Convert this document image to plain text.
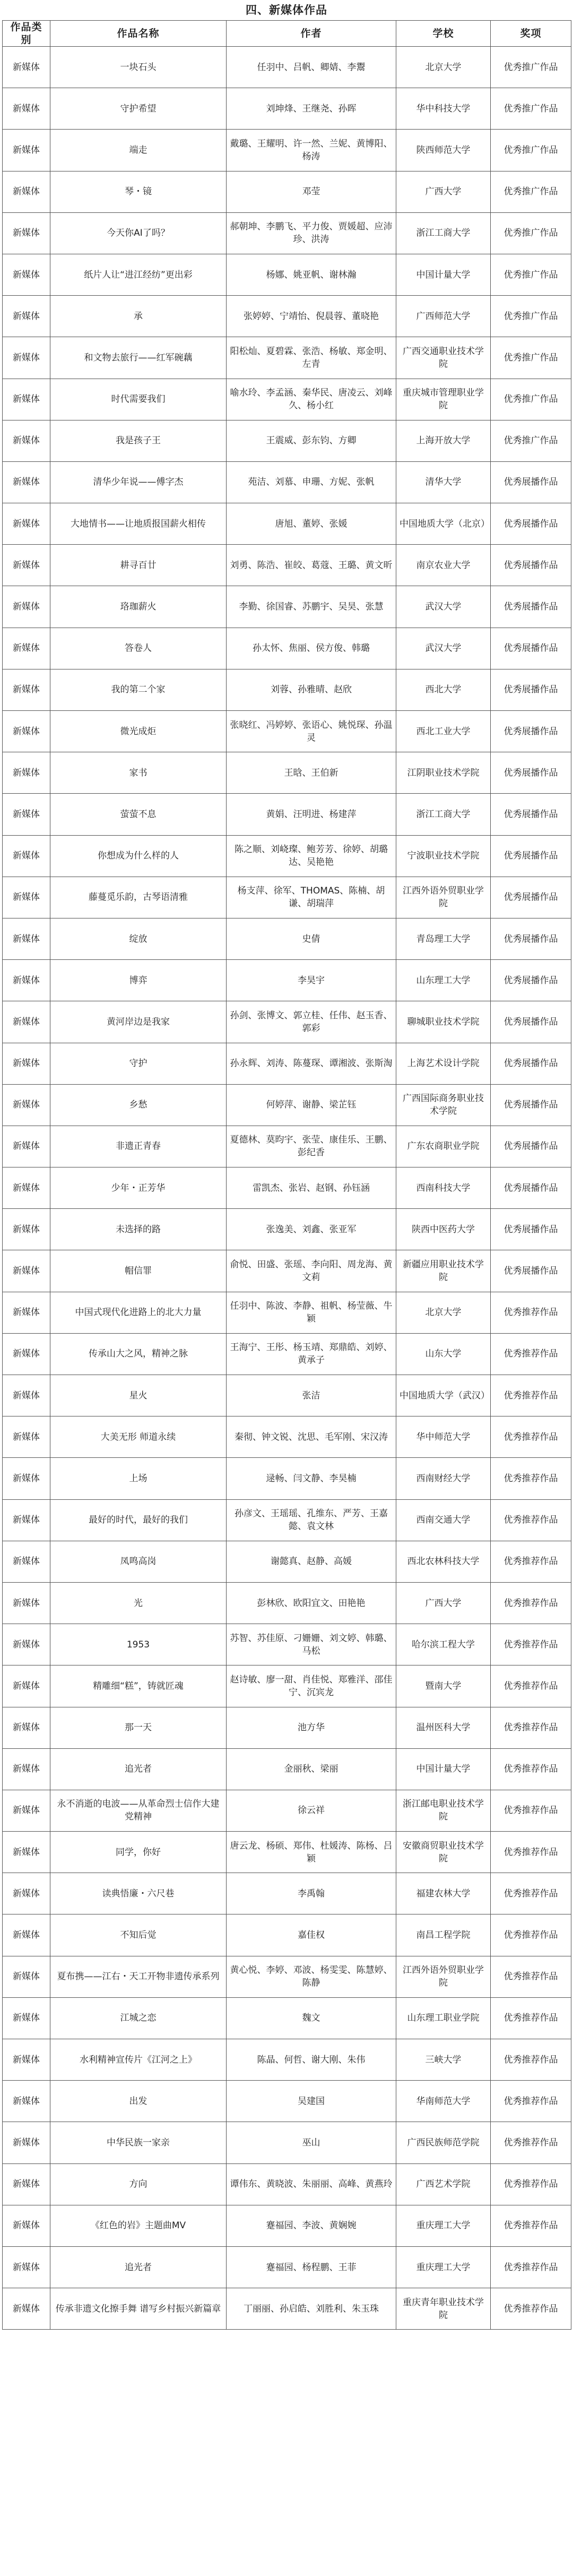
四、新媒体作品
作品类别	作品名称	作者	学校	奖项
新媒体	一块石头	任羽中、吕帆、卿婧、李鬻	北京大学	优秀推广作品
新媒体	守护希望	刘坤烽、王继尧、孙晖	华中科技大学	优秀推广作品
新媒体	端走	戴璐、王耀明、许一然、兰妮、黄博阳、杨涛	陕西师范大学	优秀推广作品
新媒体	琴・镜	邓莹	广西大学	优秀推广作品
新媒体	今天你AI了吗？	郝朝坤、李鹏飞、平力俊、贾媛超、应沛珍、洪涛	浙江工商大学	优秀推广作品
新媒体	纸片人让“进江经纺”更出彩	杨娜、姚亚帆、谢林瀚	中国计量大学	优秀推广作品
新媒体	承	张婷婷、宁靖怡、倪晨蓉、董晓艳	广西师范大学	优秀推广作品
新媒体	和文物去旅行——红军碗藕	阳松灿、夏碧霖、张浩、杨敏、郑金明、左青	广西交通职业技术学院	优秀推广作品
新媒体	时代需要我们	喻水玲、李孟涵、秦华民、唐凌云、刘峰久、杨小红	重庆城市管理职业学院	优秀推广作品
新媒体	我是孩子王	王震威、彭东钧、方卿	上海开放大学	优秀推广作品
新媒体	清华少年说——傅字杰	苑洁、刘慕、申珊、方妮、张帆	清华大学	优秀展播作品
新媒体	大地情书——让地质报国薪火相传	唐旭、董婷、张媛	中国地质大学（北京）	优秀展播作品
新媒体	耕寻百廿	刘勇、陈浩、崔皎、葛蔻、王璐、黄文昕	南京农业大学	优秀展播作品
新媒体	珞珈薪火	李勤、徐国睿、苏鹏宇、吴昊、张慧	武汉大学	优秀展播作品
新媒体	答卷人	孙太怀、焦丽、侯方俊、韩璐	武汉大学	优秀展播作品
新媒体	我的第二个家	刘蓉、孙雅晴、赵欣	西北大学	优秀展播作品
新媒体	微光成炬	张晓红、冯婷婷、张语心、姚悦琛、孙温灵	西北工业大学	优秀展播作品
新媒体	家书	王晗、王伯新	江阴职业技术学院	优秀展播作品
新媒体	萤萤不息	黄娟、汪明进、杨建萍	浙江工商大学	优秀展播作品
新媒体	你想成为什么样的人	陈之顺、刘峣璨、鲍芳芳、徐婷、胡璐达、吴艳艳	宁波职业技术学院	优秀展播作品
新媒体	藤蔓觅乐韵，古琴语清雅	杨支萍、徐军、THOMAS、陈楠、胡谦、胡瑞萍	江西外语外贸职业学院	优秀展播作品
新媒体	绽放	史倩	青岛理工大学	优秀展播作品
新媒体	博弈	李昊宇	山东理工大学	优秀展播作品
新媒体	黄河岸边是我家	孙剑、张博文、郭立桂、任伟、赵玉香、郭彩	聊城职业技术学院	优秀展播作品
新媒体	守护	孙永辉、刘涛、陈蔓琛、谭湘波、张斯淘	上海艺术设计学院	优秀展播作品
新媒体	乡愁	何婷萍、谢静、梁芷钰	广西国际商务职业技术学院	优秀展播作品
新媒体	非遗正青春	夏德林、莫昀宇、张莹、康佳乐、王鹏、彭纪香	广东农商职业学院	优秀展播作品
新媒体	少年・正芳华	雷凯杰、张岩、赵钢、孙钰涵	西南科技大学	优秀展播作品
新媒体	未选择的路	张逸美、刘鑫、张亚军	陕西中医药大学	优秀展播作品
新媒体	帽信罪	俞悦、田盛、张瑶、李向阳、周龙海、黄文莉	新疆应用职业技术学院	优秀展播作品
新媒体	中国式现代化进路上的北大力量	任羽中、陈波、李静、祖帆、杨莹薇、牛颖	北京大学	优秀推荐作品
新媒体	传承山大之风，精神之脉	王海宁、王彤、杨玉靖、郑鼎皓、刘婷、黄承子	山东大学	优秀推荐作品
新媒体	星火	张洁	中国地质大学（武汉）	优秀推荐作品
新媒体	大美无形 师道永续	秦彻、钟文锐、沈思、毛军刚、宋汉涛	华中师范大学	优秀推荐作品
新媒体	上场	逯畅、闫文静、李昊楠	西南财经大学	优秀推荐作品
新媒体	最好的时代，最好的我们	孙彦文、王瑶瑶、孔维东、严芳、王嘉懿、袁文林	西南交通大学	优秀推荐作品
新媒体	凤鸣高岗	谢懿真、赵静、高媛	西北农林科技大学	优秀推荐作品
新媒体	光	彭林欣、欧阳宜文、田艳艳	广西大学	优秀推荐作品
新媒体	1953	苏智、苏佳原、刁姗姗、刘文婷、韩璐、马松	哈尔滨工程大学	优秀推荐作品
新媒体	精雕细“糕”，铸就匠魂	赵诗敏、廖一甜、肖佳悦、郑雅洋、邵佳宁、沉宾龙	暨南大学	优秀推荐作品
新媒体	那一天	池方华	温州医科大学	优秀推荐作品
新媒体	追光者	金丽秋、梁丽	中国计量大学	优秀推荐作品
新媒体	永不消逝的电波——从革命烈士信作大建党精神	徐云祥	浙江邮电职业技术学院	优秀推荐作品
新媒体	同学，你好	唐云龙、杨硕、郑伟、杜媛涛、陈杨、吕颖	安徽商贸职业技术学院	优秀推荐作品
新媒体	读典悟廉・六尺巷	李禹翰	福建农林大学	优秀推荐作品
新媒体	不知后觉	嘉佳权	南昌工程学院	优秀推荐作品
新媒体	夏布携——江右・天工开物非遗传承系列	黄心悦、李婷、邓波、杨雯雯、陈慧婷、陈静	江西外语外贸职业学院	优秀推荐作品
新媒体	江城之恋	魏文	山东理工职业学院	优秀推荐作品
新媒体	水利精神宣传片《江河之上》	陈晶、何哲、谢大刚、朱伟	三峡大学	优秀推荐作品
新媒体	出发	吴建国	华南师范大学	优秀推荐作品
新媒体	中华民族一家亲	巫山	广西民族师范学院	优秀推荐作品
新媒体	方向	谭伟东、黄晓波、朱丽丽、高峰、黄燕玲	广西艺术学院	优秀推荐作品
新媒体	《红色的岩》主题曲MV	蹇福园、李波、黄娴婉	重庆理工大学	优秀推荐作品
新媒体	追光者	蹇福园、杨程鹏、王菲	重庆理工大学	优秀推荐作品
新媒体	传承非遗文化擦手舞 谱写乡村振兴新篇章	丁丽丽、孙启皓、刘胜利、朱玉珠	重庆青年职业技术学院	优秀推荐作品
